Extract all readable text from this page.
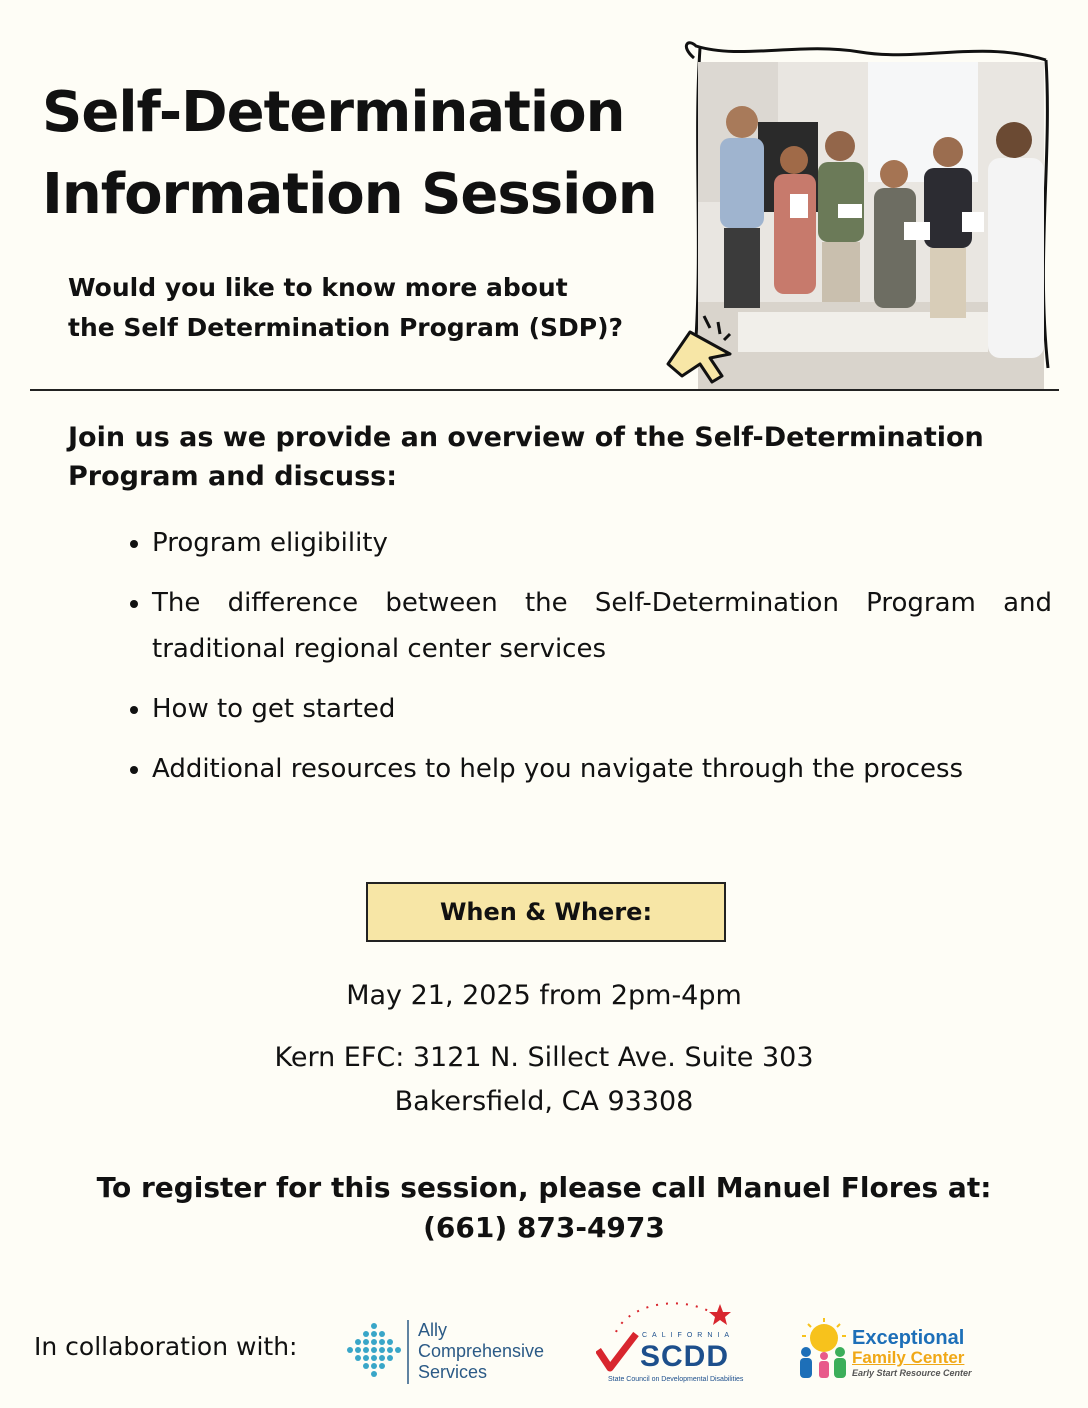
Self-Determination
Information Session

Would you like to know more about
the Self Determination Program (SDP)?

Join us as we provide an overview of the Self-Determination Program and discuss:

• Program eligibility
• The difference between the Self-Determination Program and traditional regional center services
• How to get started
• Additional resources to help you navigate through the process
When & Where:

May 21, 2025 from 2pm-4pm

Kern EFC: 3121 N. Sillect Ave. Suite 303

Bakersfield, CA 93308

To register for this session, please call Manuel Flores at:
(661) 873-4973

In collaboration with:

Ally
Comprehensive
Services
CALIFORNIA
SCDD
State Council on Developmental Disabilities
Exceptional
Family Center
Early Start Resource Center
